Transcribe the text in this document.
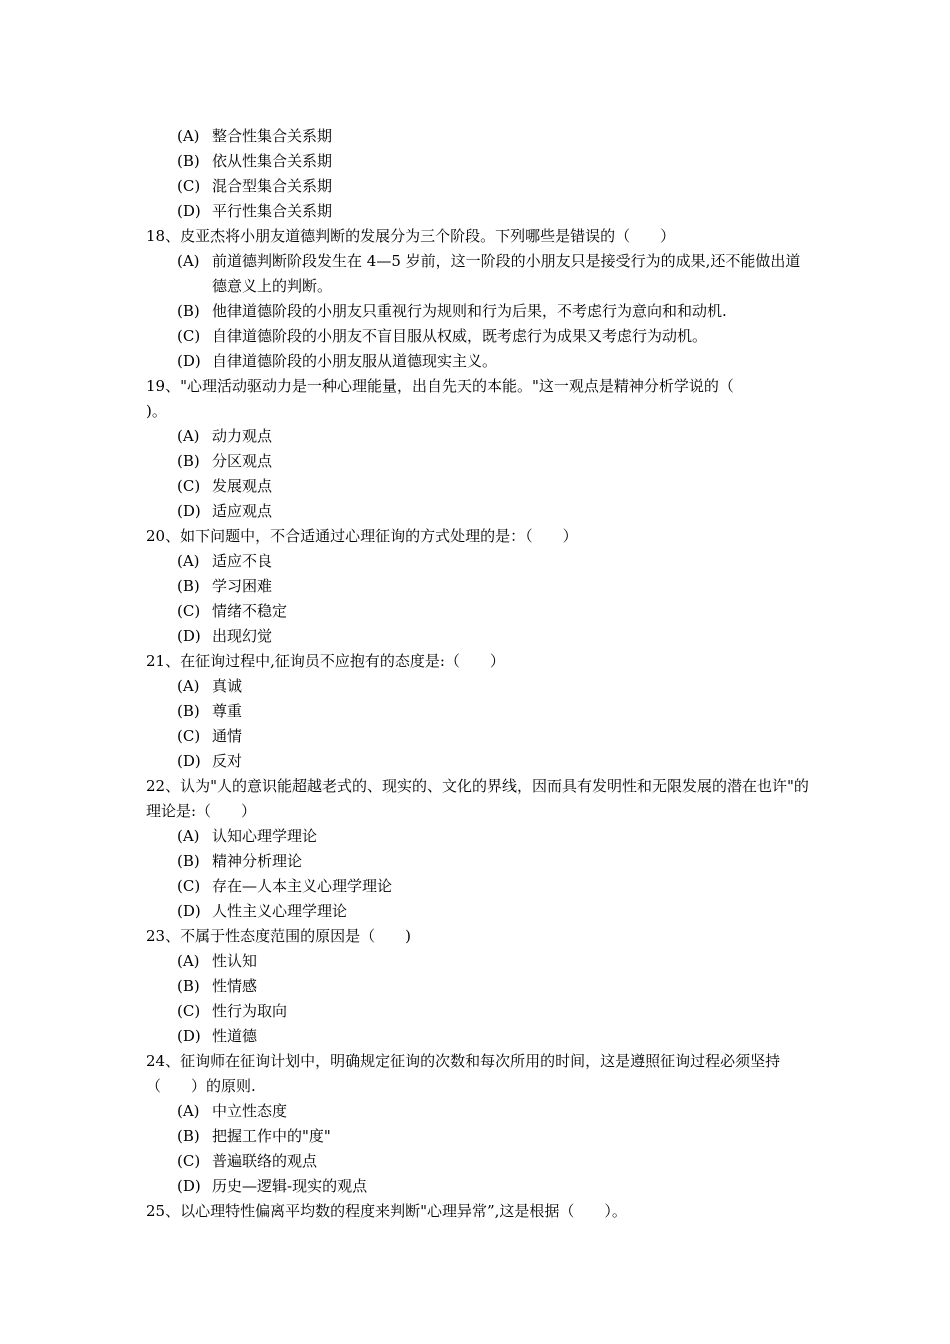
(A) 整合性集合关系期
(B) 依从性集合关系期
(C) 混合型集合关系期
(D) 平行性集合关系期
18、皮亚杰将小朋友道德判断的发展分为三个阶段。下列哪些是错误的（　　）
(A) 前道德判断阶段发生在 4—5 岁前，这一阶段的小朋友只是接受行为的成果,还不能做出道德意义上的判断。
(B) 他律道德阶段的小朋友只重视行为规则和行为后果，不考虑行为意向和和动机.
(C) 自律道德阶段的小朋友不盲目服从权威，既考虑行为成果又考虑行为动机。
(D) 自律道德阶段的小朋友服从道德现实主义。
19、"心理活动驱动力是一种心理能量，出自先天的本能。"这一观点是精神分析学说的（
)。
(A) 动力观点
(B) 分区观点
(C) 发展观点
(D) 适应观点
20、如下问题中，不合适通过心理征询的方式处理的是：（　　）
(A) 适应不良
(B) 学习困难
(C) 情绪不稳定
(D) 出现幻觉
21、在征询过程中,征询员不应抱有的态度是:（　　）
(A) 真诚
(B) 尊重
(C) 通情
(D) 反对
22、认为"人的意识能超越老式的、现实的、文化的界线，因而具有发明性和无限发展的潜在也许"的理论是:（　　）
(A) 认知心理学理论
(B) 精神分析理论
(C) 存在—人本主义心理学理论
(D) 人性主义心理学理论
23、不属于性态度范围的原因是（　　)
(A) 性认知
(B) 性情感
(C) 性行为取向
(D) 性道德
24、征询师在征询计划中，明确规定征询的次数和每次所用的时间，这是遵照征询过程必须坚持（　　）的原则.
(A) 中立性态度
(B) 把握工作中的"度"
(C) 普遍联络的观点
(D) 历史—逻辑-现实的观点
25、以心理特性偏离平均数的程度来判断"心理异常”,这是根据（　　）。
